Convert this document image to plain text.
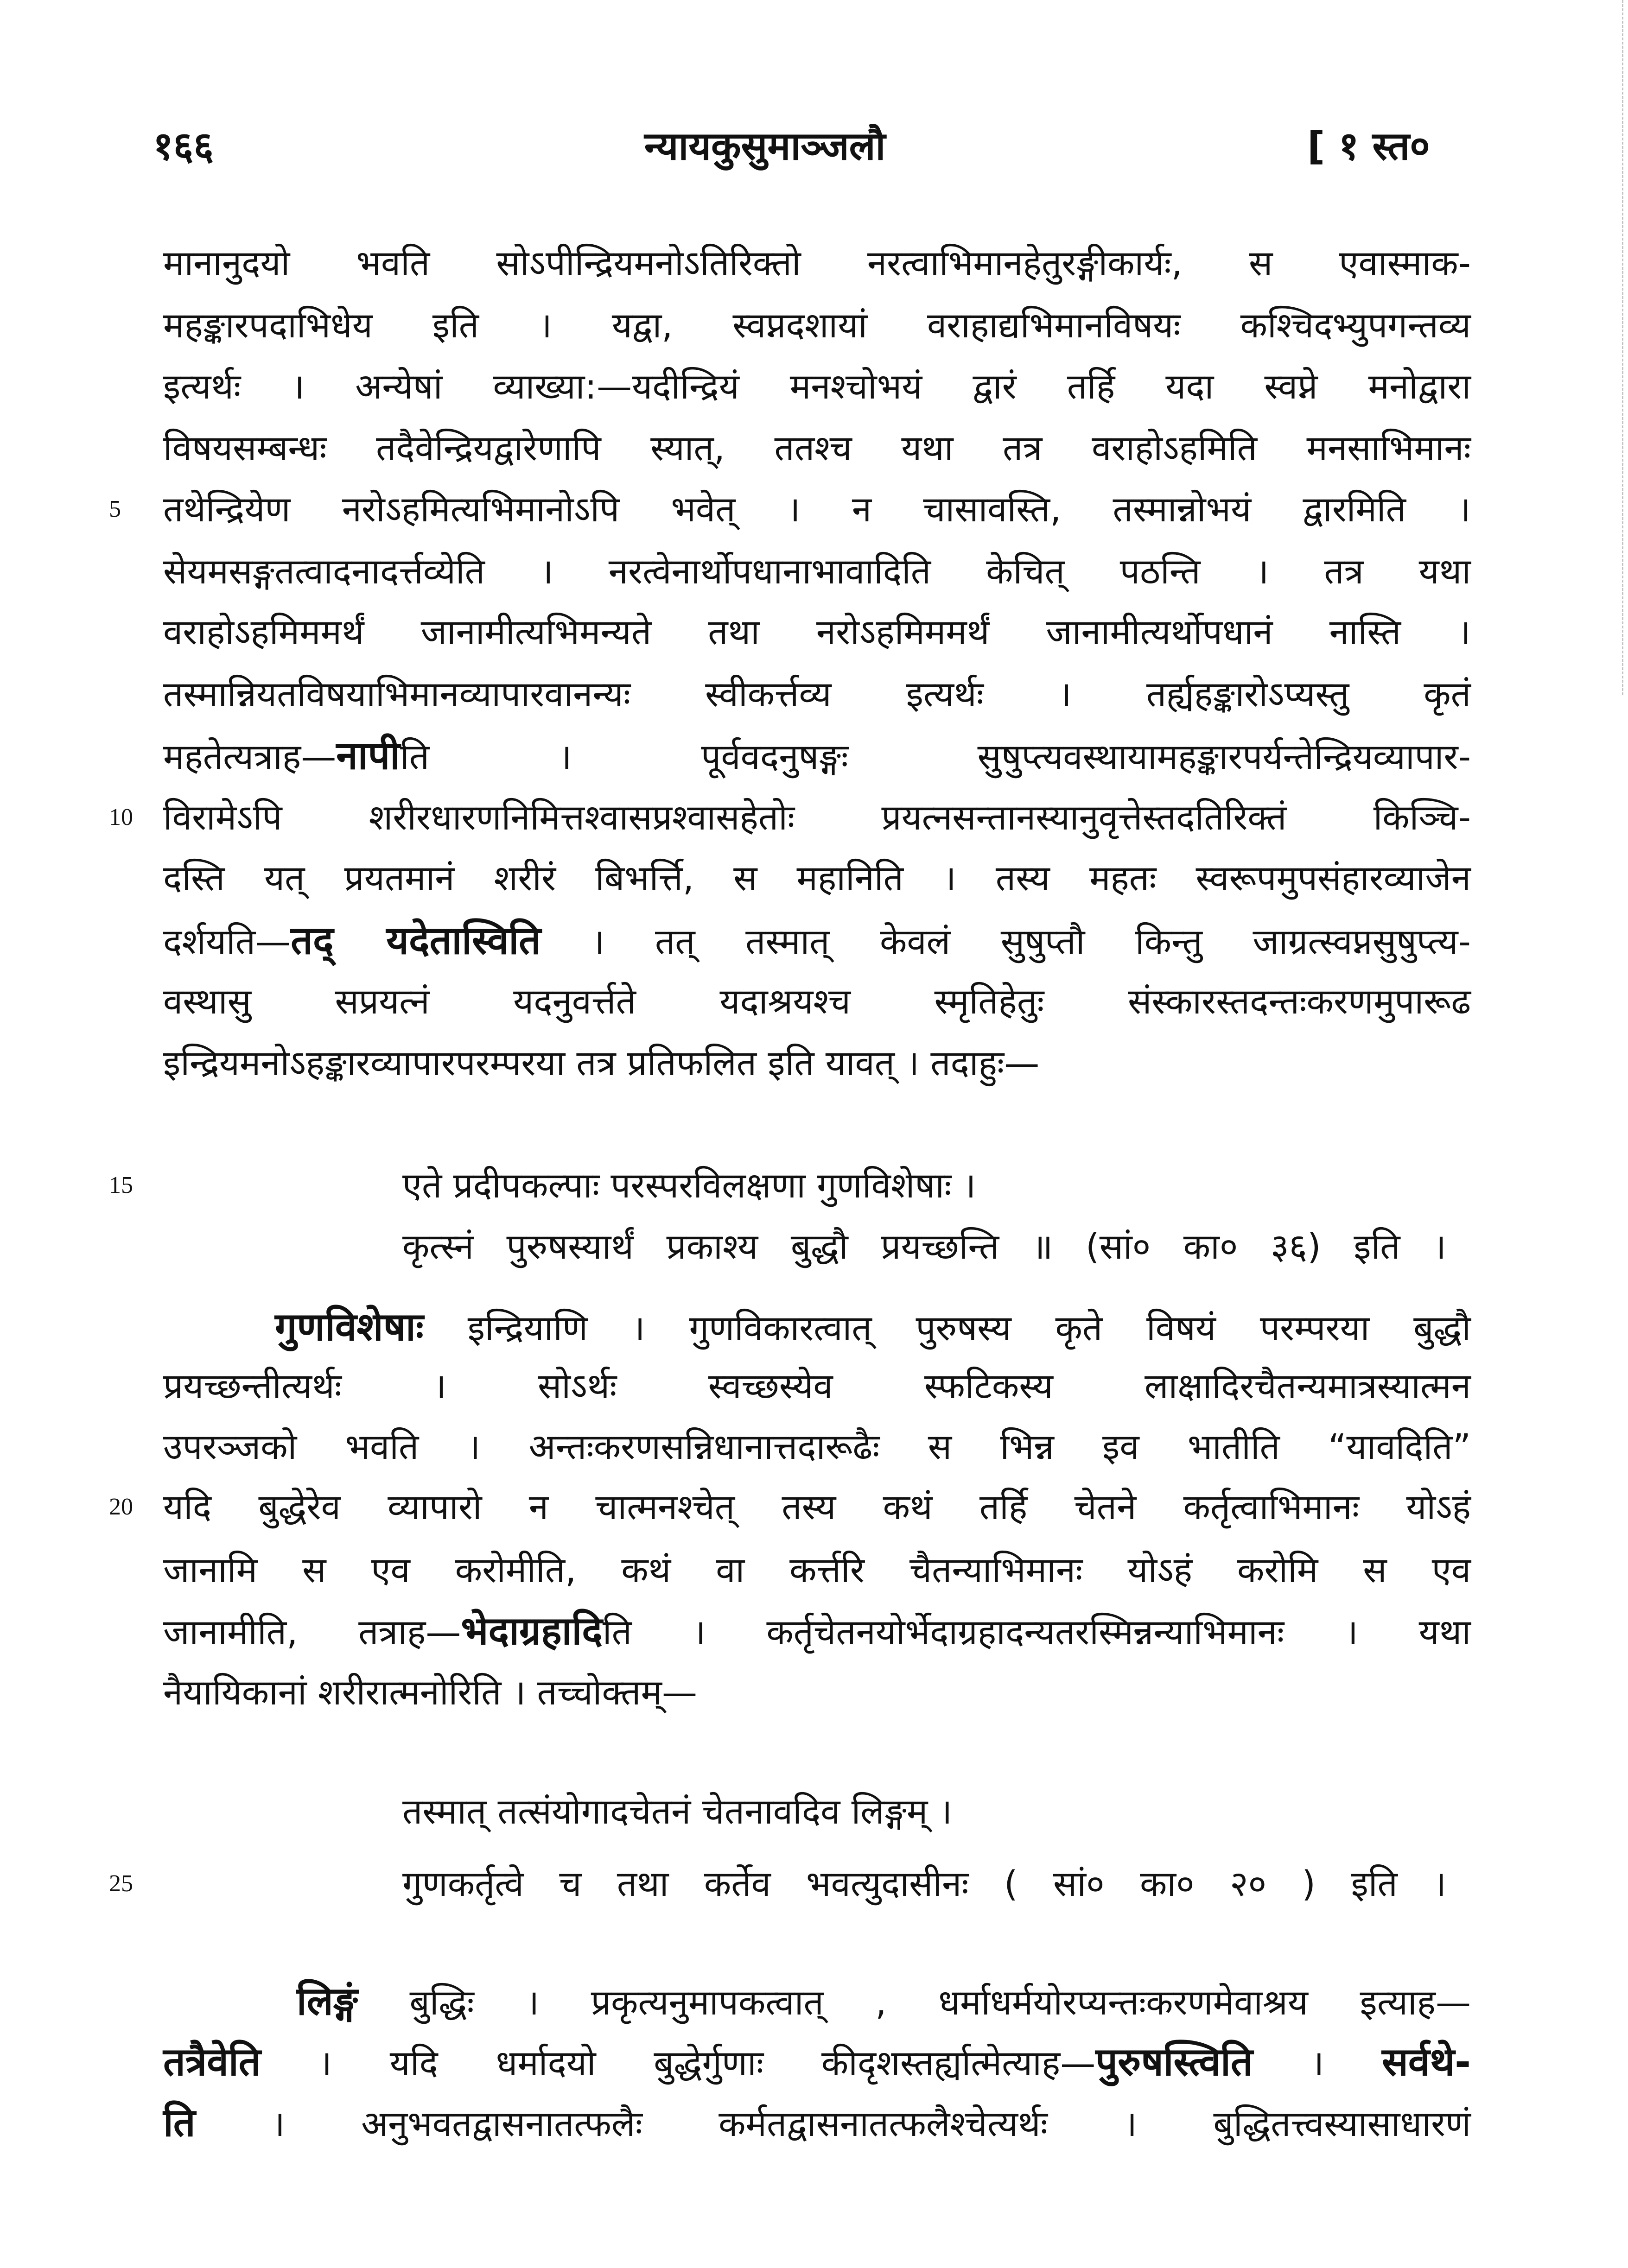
१६६	न्यायकुसुमाञ्जलौ	[ १ स्त०
मानानुदयो भवति सोऽपीन्द्रियमनोऽतिरिक्तो नरत्वाभिमानहेतुरङ्गीकार्यः, स एवास्माक-
महङ्कारपदाभिधेय इति । यद्वा, स्वप्नदशायां वराहाद्यभिमानविषयः कश्चिदभ्युपगन्तव्य
इत्यर्थः । अन्येषां व्याख्या:—यदीन्द्रियं मनश्चोभयं द्वारं तर्हि यदा स्वप्ने मनोद्वारा
विषयसम्बन्धः तदैवेन्द्रियद्वारेणापि स्यात्, ततश्च यथा तत्र वराहोऽहमिति मनसाभिमानः
तथेन्द्रियेण नरोऽहमित्यभिमानोऽपि भवेत् । न चासावस्ति, तस्मान्नोभयं द्वारमिति ।
सेयमसङ्गतत्वादनादर्त्तव्येति । नरत्वेनार्थोपधानाभावादिति केचित् पठन्ति । तत्र यथा
वराहोऽहमिममर्थं जानामीत्यभिमन्यते तथा नरोऽहमिममर्थं जानामीत्यर्थोपधानं नास्ति ।
तस्मान्नियतविषयाभिमानव्यापारवानन्यः स्वीकर्त्तव्य इत्यर्थः । तर्ह्यहङ्कारोऽप्यस्तु कृतं
महतेत्यत्राह—नापीति । पूर्ववदनुषङ्गः सुषुप्त्यवस्थायामहङ्कारपर्यन्तेन्द्रियव्यापार-
विरामेऽपि शरीरधारणनिमित्तश्वासप्रश्वासहेतोः प्रयत्नसन्तानस्यानुवृत्तेस्तदतिरिक्तं किञ्चि-
दस्ति यत् प्रयतमानं शरीरं बिभर्त्ति, स महानिति । तस्य महतः स्वरूपमुपसंहारव्याजेन
दर्शयति—तद् यदेतास्विति । तत् तस्मात् केवलं सुषुप्तौ किन्तु जाग्रत्स्वप्नसुषुप्त्य-
वस्थासु सप्रयत्नं यदनुवर्त्तते यदाश्रयश्च स्मृतिहेतुः संस्कारस्तदन्तःकरणमुपारूढ
इन्द्रियमनोऽहङ्कारव्यापारपरम्परया तत्र प्रतिफलित इति यावत् । तदाहुः—
एते प्रदीपकल्पाः परस्परविलक्षणा गुणविशेषाः ।
कृत्स्नं पुरुषस्यार्थं प्रकाश्य बुद्धौ प्रयच्छन्ति ॥ (सां० का० ३६) इति ।
गुणविशेषाः इन्द्रियाणि । गुणविकारत्वात् पुरुषस्य कृते विषयं परम्परया बुद्धौ
प्रयच्छन्तीत्यर्थः । सोऽर्थः स्वच्छस्येव स्फटिकस्य लाक्षादिरचैतन्यमात्रस्यात्मन
उपरञ्जको भवति । अन्तःकरणसन्निधानात्तदारूढैः स भिन्न इव भातीति “यावदिति”
यदि बुद्धेरेव व्यापारो न चात्मनश्चेत् तस्य कथं तर्हि चेतने कर्तृत्वाभिमानः योऽहं
जानामि स एव करोमीति, कथं वा कर्त्तरि चैतन्याभिमानः योऽहं करोमि स एव
जानामीति, तत्राह—भेदाग्रहादिति । कर्तृचेतनयोर्भेदाग्रहादन्यतरस्मिन्नन्याभिमानः । यथा
नैयायिकानां शरीरात्मनोरिति । तच्चोक्तम्—
तस्मात् तत्संयोगादचेतनं चेतनावदिव लिङ्गम् ।
गुणकर्तृत्वे च तथा कर्तेव भवत्युदासीनः ( सां० का० २० ) इति ।
लिङ्गं बुद्धिः । प्रकृत्यनुमापकत्वात् , धर्माधर्मयोरप्यन्तःकरणमेवाश्रय इत्याह—
तत्रैवेति । यदि धर्मादयो बुद्धेर्गुणाः कीदृशस्तर्ह्यात्मेत्याह—पुरुषस्त्विति । सर्वथे-
ति । अनुभवतद्वासनातत्फलैः कर्मतद्वासनातत्फलैश्चेत्यर्थः । बुद्धितत्त्वस्यासाधारणं
5
10
15
20
25
